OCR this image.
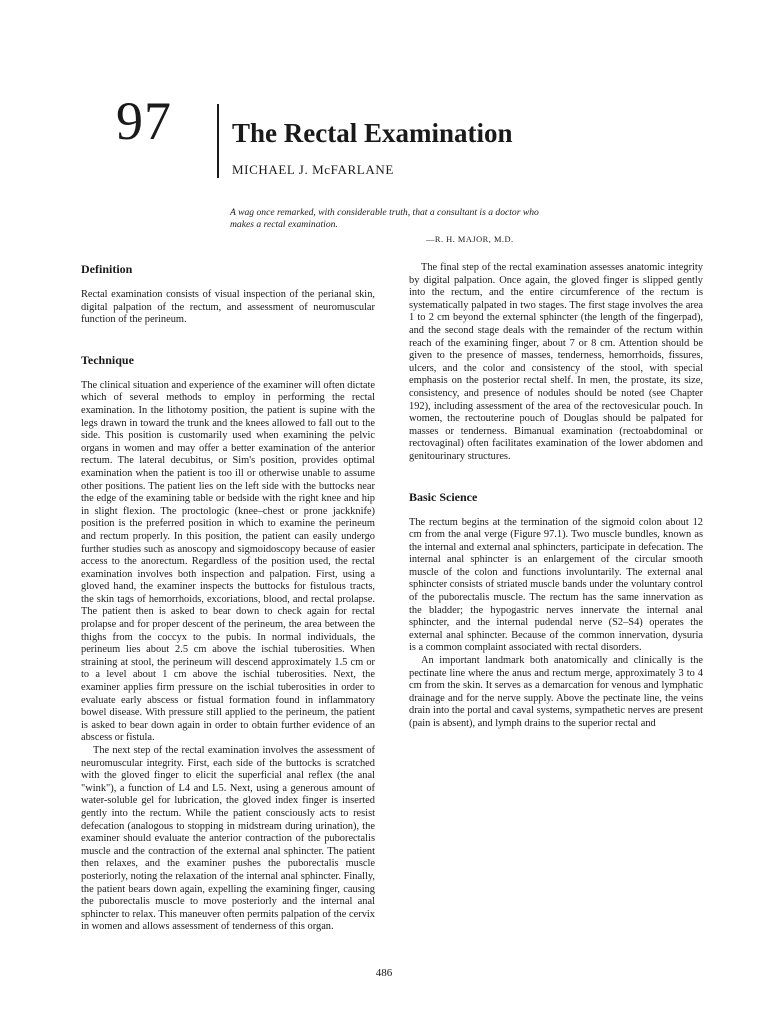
97 The Rectal Examination
MICHAEL J. McFARLANE
A wag once remarked, with considerable truth, that a consultant is a doctor who makes a rectal examination.
—R. H. MAJOR, M.D.
Definition

Rectal examination consists of visual inspection of the perianal skin, digital palpation of the rectum, and assessment of neuromuscular function of the perineum.

Technique

The clinical situation and experience of the examiner will often dictate which of several methods to employ in performing the rectal examination. In the lithotomy position, the patient is supine with the legs drawn in toward the trunk and the knees allowed to fall out to the side. This position is customarily used when examining the pelvic organs in women and may offer a better examination of the anterior rectum. The lateral decubitus, or Sim's position, provides optimal examination when the patient is too ill or otherwise unable to assume other positions. The patient lies on the left side with the buttocks near the edge of the examining table or bedside with the right knee and hip in slight flexion. The proctologic (knee–chest or prone jackknife) position is the preferred position in which to examine the perineum and rectum properly. In this position, the patient can easily undergo further studies such as anoscopy and sigmoidoscopy because of easier access to the anorectum. Regardless of the position used, the rectal examination involves both inspection and palpation. First, using a gloved hand, the examiner inspects the buttocks for fistulous tracts, the skin tags of hemorrhoids, excoriations, blood, and rectal prolapse. The patient then is asked to bear down to check again for rectal prolapse and for proper descent of the perineum, the area between the thighs from the coccyx to the pubis. In normal individuals, the perineum lies about 2.5 cm above the ischial tuberosities. When straining at stool, the perineum will descend approximately 1.5 cm or to a level about 1 cm above the ischial tuberosities. Next, the examiner applies firm pressure on the ischial tuberosities in order to evaluate early abscess or fistual formation found in inflammatory bowel disease. With pressure still applied to the perineum, the patient is asked to bear down again in order to obtain further evidence of an abscess or fistula.

The next step of the rectal examination involves the assessment of neuromuscular integrity. First, each side of the buttocks is scratched with the gloved finger to elicit the superficial anal reflex (the anal "wink"), a function of L4 and L5. Next, using a generous amount of water-soluble gel for lubrication, the gloved index finger is inserted gently into the rectum. While the patient consciously acts to resist defecation (analogous to stopping in midstream during urination), the examiner should evaluate the anterior contraction of the puborectalis muscle and the contraction of the external anal sphincter. The patient then relaxes, and the examiner pushes the puborectalis muscle posteriorly, noting the relaxation of the internal anal sphincter. Finally, the patient bears down again, expelling the examining finger, causing the puborectalis muscle to move posteriorly and the internal anal sphincter to relax. This maneuver often permits palpation of the cervix in women and allows assessment of tenderness of this organ.

The final step of the rectal examination assesses anatomic integrity by digital palpation. Once again, the gloved finger is slipped gently into the rectum, and the entire circumference of the rectum is systematically palpated in two stages. The first stage involves the area 1 to 2 cm beyond the external sphincter (the length of the fingerpad), and the second stage deals with the remainder of the rectum within reach of the examining finger, about 7 or 8 cm. Attention should be given to the presence of masses, tenderness, hemorrhoids, fissures, ulcers, and the color and consistency of the stool, with special emphasis on the posterior rectal shelf. In men, the prostate, its size, consistency, and presence of nodules should be noted (see Chapter 192), including assessment of the area of the rectovesicular pouch. In women, the rectouterine pouch of Douglas should be palpated for masses or tenderness. Bimanual examination (rectoabdominal or rectovaginal) often facilitates examination of the lower abdomen and genitourinary structures.

Basic Science

The rectum begins at the termination of the sigmoid colon about 12 cm from the anal verge (Figure 97.1). Two muscle bundles, known as the internal and external anal sphincters, participate in defecation. The internal anal sphincter is an enlargement of the circular smooth muscle of the colon and functions involuntarily. The external anal sphincter consists of striated muscle bands under the voluntary control of the puborectalis muscle. The rectum has the same innervation as the bladder; the hypogastric nerves innervate the internal anal sphincter, and the internal pudendal nerve (S2–S4) operates the external anal sphincter. Because of the common innervation, dysuria is a common complaint associated with rectal disorders.

An important landmark both anatomically and clinically is the pectinate line where the anus and rectum merge, approximately 3 to 4 cm from the skin. It serves as a demarcation for venous and lymphatic drainage and for the nerve supply. Above the pectinate line, the veins drain into the portal and caval systems, sympathetic nerves are present (pain is absent), and lymph drains to the superior rectal and

486
